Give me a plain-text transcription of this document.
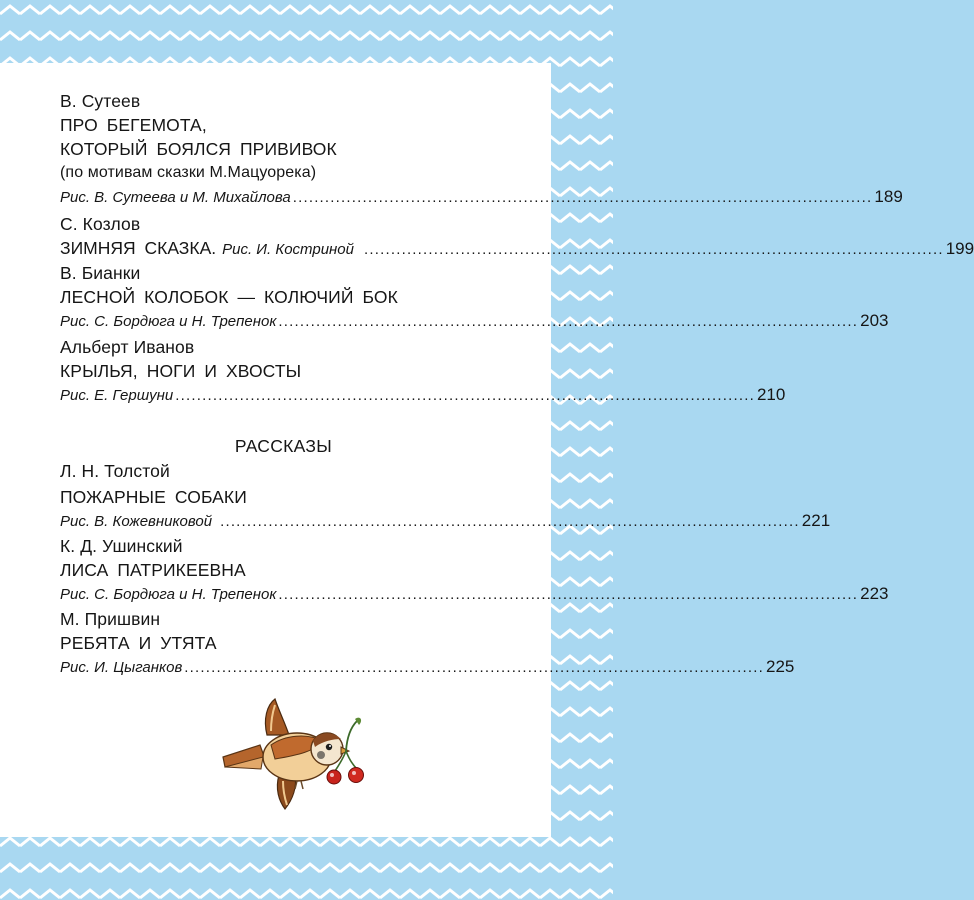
В. Сутеев
ПРО БЕГЕМОТА,
КОТОРЫЙ БОЯЛСЯ ПРИВИВОК
(по мотивам сказки М.Мацуорека)
Рис. В. Сутеева и М. Михайлова ............................................................................................................ 189
С. Козлов
ЗИМНЯЯ СКАЗКА. Рис. И. Костриной ............................................................................................................ 199
В. Бианки
ЛЕСНОЙ КОЛОБОК — КОЛЮЧИЙ БОК
Рис. С. Бордюга и Н. Трепенок ............................................................................................................ 203
Альберт Иванов
КРЫЛЬЯ, НОГИ И ХВОСТЫ
Рис. Е. Гершуни ............................................................................................................ 210
РАССКАЗЫ
Л. Н. Толстой
ПОЖАРНЫЕ СОБАКИ
Рис. В. Кожевниковой ............................................................................................................ 221
К. Д. Ушинский
ЛИСА ПАТРИКЕЕВНА
Рис. С. Бордюга и Н. Трепенок ............................................................................................................ 223
М. Пришвин
РЕБЯТА И УТЯТА
Рис. И. Цыганков ............................................................................................................ 225
